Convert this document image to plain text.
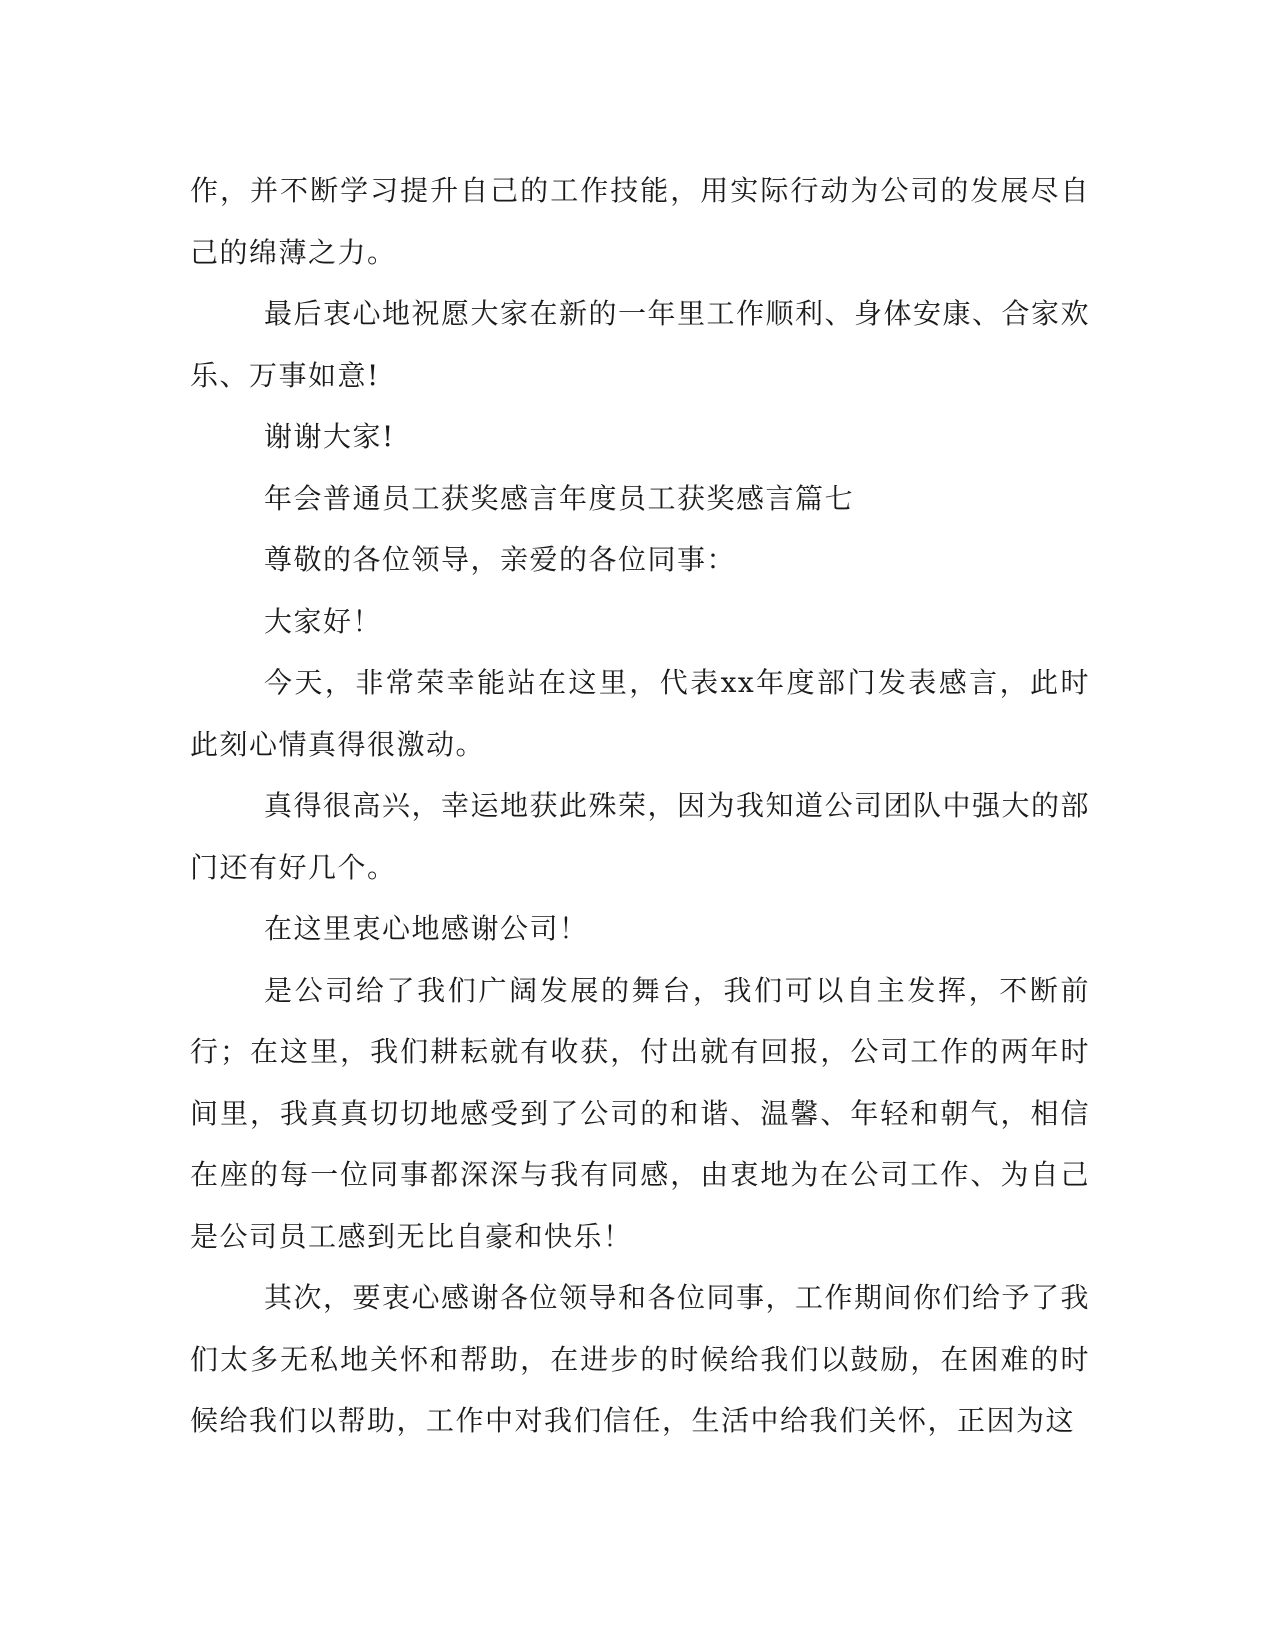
作，并不断学习提升自己的工作技能，用实际行动为公司的发展尽自己的绵薄之力。

最后衷心地祝愿大家在新的一年里工作顺利、身体安康、合家欢乐、万事如意!

谢谢大家!

年会普通员工获奖感言年度员工获奖感言篇七

尊敬的各位领导，亲爱的各位同事：

大家好！

今天，非常荣幸能站在这里，代表xx年度部门发表感言，此时此刻心情真得很激动。

真得很高兴，幸运地获此殊荣，因为我知道公司团队中强大的部门还有好几个。

在这里衷心地感谢公司！

是公司给了我们广阔发展的舞台，我们可以自主发挥，不断前行；在这里，我们耕耘就有收获，付出就有回报，公司工作的两年时间里，我真真切切地感受到了公司的和谐、温馨、年轻和朝气，相信在座的每一位同事都深深与我有同感，由衷地为在公司工作、为自己是公司员工感到无比自豪和快乐！

其次，要衷心感谢各位领导和各位同事，工作期间你们给予了我们太多无私地关怀和帮助，在进步的时候给我们以鼓励，在困难的时候给我们以帮助，工作中对我们信任，生活中给我们关怀，正因为这
